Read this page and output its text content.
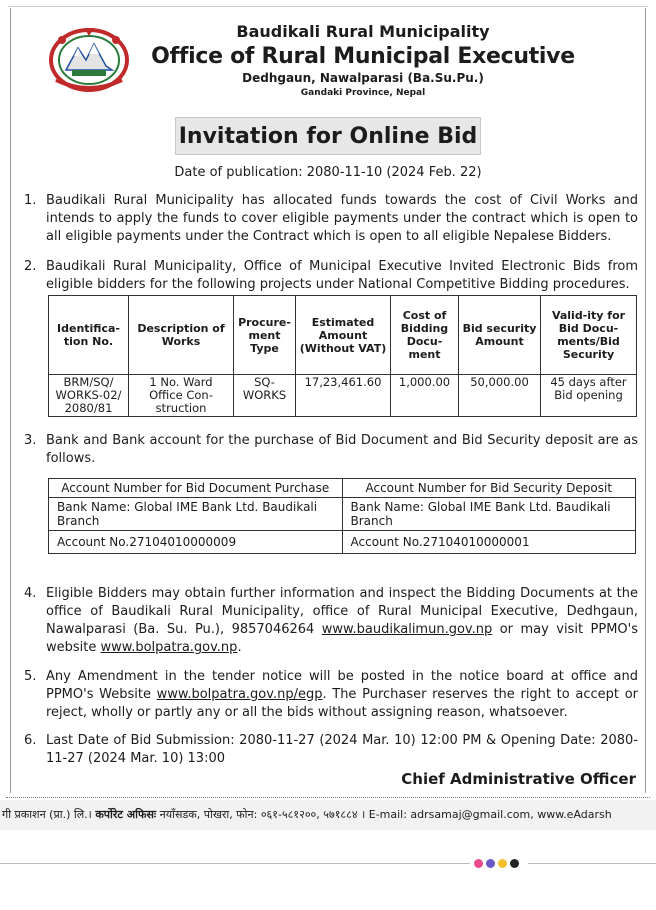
Baudikali Rural Municipality
Office of Rural Municipal Executive
Dedhgaun, Nawalparasi (Ba.Su.Pu.)
Gandaki Province, Nepal
Invitation for Online Bid
Date of publication: 2080-11-10 (2024 Feb. 22)
1. Baudikali Rural Municipality has allocated funds towards the cost of Civil Works and intends to apply the funds to cover eligible payments under the contract which is open to all eligible payments under the Contract which is open to all eligible Nepalese Bidders.
2. Baudikali Rural Municipality, Office of Municipal Executive Invited Electronic Bids from eligible bidders for the following projects under National Competitive Bidding procedures.
Identifica-tion No.	Description of Works	Procure-ment Type	Estimated Amount (Without VAT)	Cost of Bidding Docu-ment	Bid security Amount	Valid-ity for Bid Docu-ments/Bid Security
BRM/SQ/ WORKS-02/ 2080/81	1 No. Ward Office Con-struction	SQ-WORKS	17,23,461.60	1,000.00	50,000.00	45 days after Bid opening
3. Bank and Bank account for the purchase of Bid Document and Bid Security deposit are as follows.
Account Number for Bid Document Purchase	Account Number for Bid Security Deposit
Bank Name: Global IME Bank Ltd. Baudikali Branch	Bank Name: Global IME Bank Ltd. Baudikali Branch
Account No.27104010000009	Account No.27104010000001
4. Eligible Bidders may obtain further information and inspect the Bidding Documents at the office of Baudikali Rural Municipality, office of Rural Municipal Executive, Dedhgaun, Nawalparasi (Ba. Su. Pu.), 9857046264 www.baudikalimun.gov.np or may visit PPMO's website www.bolpatra.gov.np.
5. Any Amendment in the tender notice will be posted in the notice board at office and PPMO's Website www.bolpatra.gov.np/egp. The Purchaser reserves the right to accept or reject, wholly or partly any or all the bids without assigning reason, whatsoever.
6. Last Date of Bid Submission: 2080-11-27 (2024 Mar. 10) 12:00 PM & Opening Date: 2080-11-27 (2024 Mar. 10) 13:00
Chief Administrative Officer
गी प्रकाशन (प्रा.) लि.। कर्पोरेट अफिसः नयाँसडक, पोखरा, फोन: ०६१-५८१२००, ५७१८८४ । E-mail: adrsamaj@gmail.com, www.eAdarsh
